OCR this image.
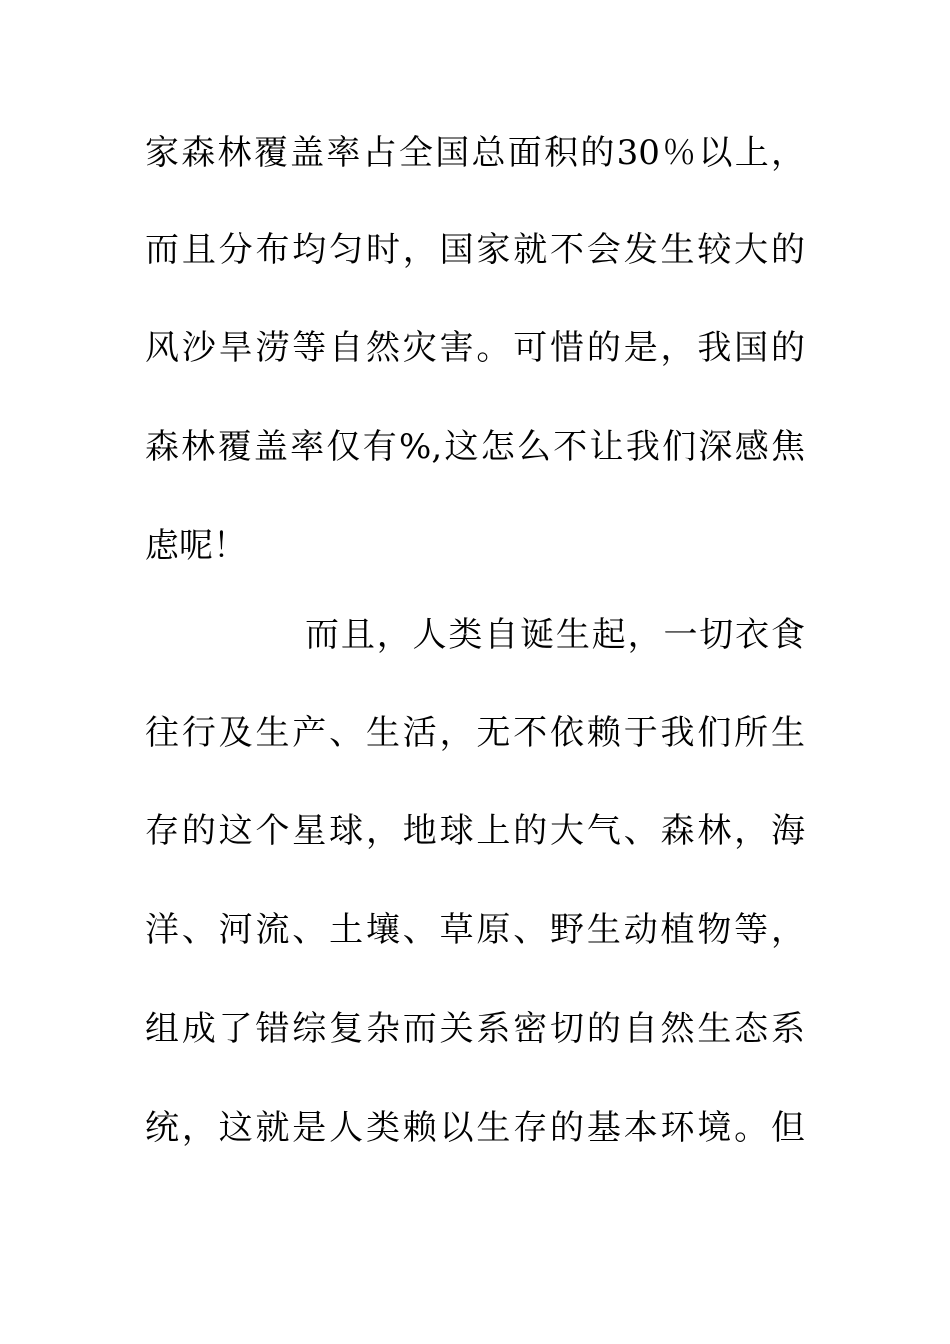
家森林覆盖率占全国总面积的30％以上，
而且分布均匀时，国家就不会发生较大的
风沙旱涝等自然灾害。可惜的是，我国的
森林覆盖率仅有%,这怎么不让我们深感焦
虑呢！
而且，人类自诞生起，一切衣食
往行及生产、生活，无不依赖于我们所生
存的这个星球，地球上的大气、森林，海
洋、河流、土壤、草原、野生动植物等，
组成了错综复杂而关系密切的自然生态系
统，这就是人类赖以生存的基本环境。但
